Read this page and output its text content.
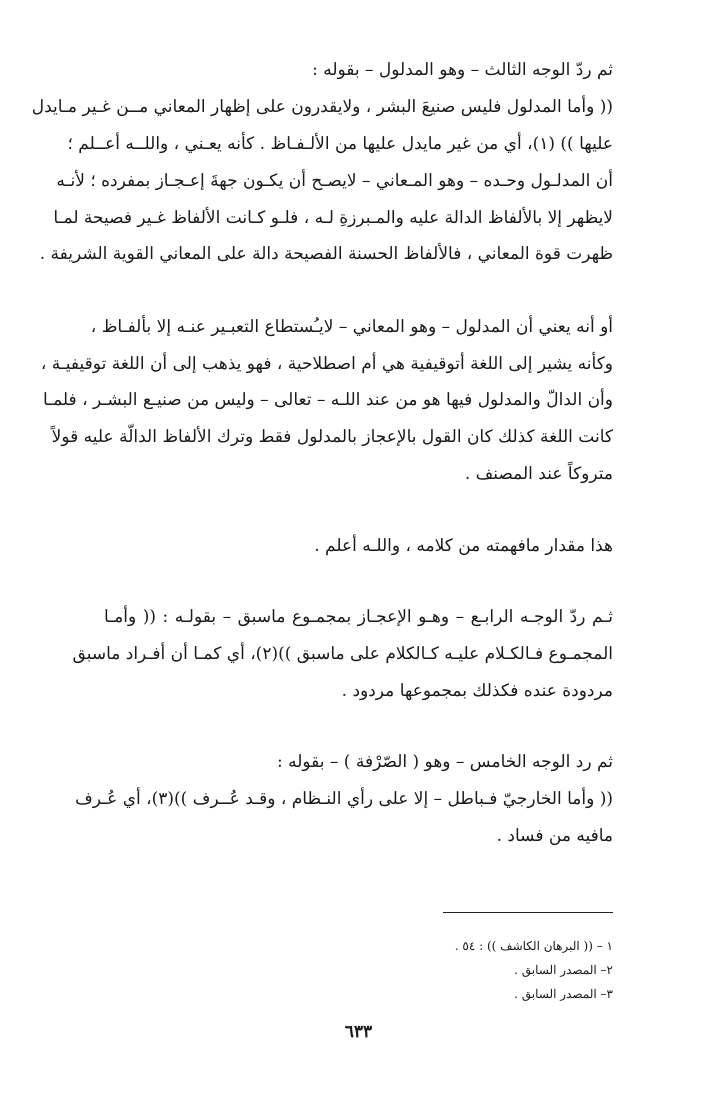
ثم ردّ الوجه الثالث – وهو المدلول – بقوله :
(( وأما المدلول فليس صنيعَ البشر ، ولايقدرون على إظهار المعاني مــن غـير مـايدل
عليها )) (١)، أي من غير مايدل عليها من الألـفـاظ . كأنه يعـني ، واللــه أعــلم ؛
أن المدلـول وحـده – وهو المـعاني – لايصـح أن يكـون جهةَ إعـجـاز بمفرده ؛ لأنـه
لايظهر إلا بالألفاظ الدالة عليه والمـبرزةِ لـه ، فلـو كـانت الألفاظ غـير فصيحة لمـا
ظهرت قوة المعاني ، فالألفاظ الحسنة الفصيحة دالة على المعاني القوية الشريفة .
أو أنه يعني أن المدلول – وهو المعاني – لايـُستطاع التعبـير عنـه إلا بألفـاظ ،
وكأنه يشير إلى اللغة أتوقيفية هي أم اصطلاحية ، فهو يذهب إلى أن اللغة توقيفيـة ،
وأن الدالّ والمدلول فيها هو من عند اللـه – تعالى – وليس من صنيـع البشـر ، فلمـا
كانت اللغة كذلك كان القول بالإعجاز بالمدلول فقط وترك الألفاظ الدالّة عليه قولاً
متروكاً عند المصنف .
هذا مقدار مافهمته من كلامه ، واللـه أعلم .
ثـم ردّ الوجـه الرابـع – وهـو الإعجـاز بمجمـوع ماسبق – بقولـه : (( وأمـا
المجمـوع فـالكـلام عليـه كـالكلام على ماسبق ))(٢)، أي كمـا أن أفـراد ماسبق
مردودة عنده فكذلك بمجموعها مردود .
ثم رد الوجه الخامس – وهو ( الصّرْفة ) – بقوله :
(( وأما الخارجيّ فـباطل – إلا على رأي النـظام ، وقـد عُــرف ))(٣)، أي عُـرف
مافيه من فساد .
١ – (( البرهان الكاشف )) : ٥٤ .
٢– المصدر السابق .
٣– المصدر السابق .
٦٣٣
